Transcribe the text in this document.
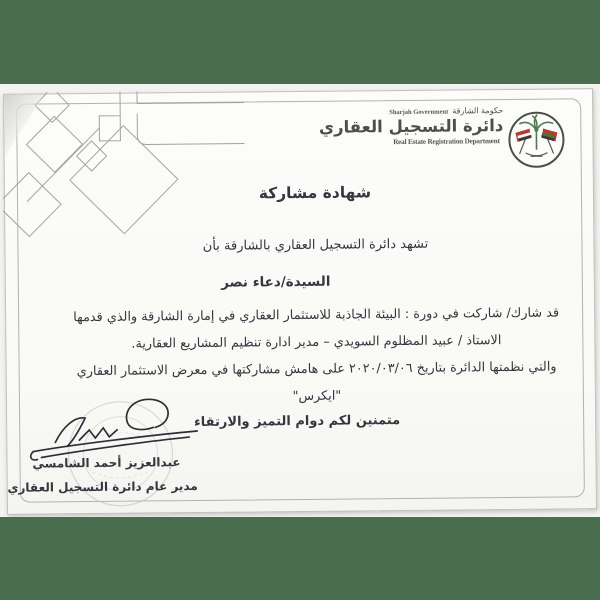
Sharjah Government حكومة الشارقة
دائرة التسجيل العقاري
Real Estate Registration Department
شهادة مشاركة
تشهد دائرة التسجيل العقاري بالشارقة بأن
السيدة/دعاء نصر
قد شارك/ شاركت في دورة : البيئة الجاذبة للاستثمار العقاري في إمارة الشارقة والذي قدمها
الاستاذ / عبيد المظلوم السويدي – مدير ادارة تنظيم المشاريع العقارية.
والتي نظمتها الدائرة بتاريخ ٢٠٢٠/٠٣/٠٦ على هامش مشاركتها في معرض الاستثمار العقاري
"ايكرس"
متمنين لكم دوام التميز والارتقاء
عبدالعزيز أحمد الشامسي
مدير عام دائرة التسجيل العقاري
